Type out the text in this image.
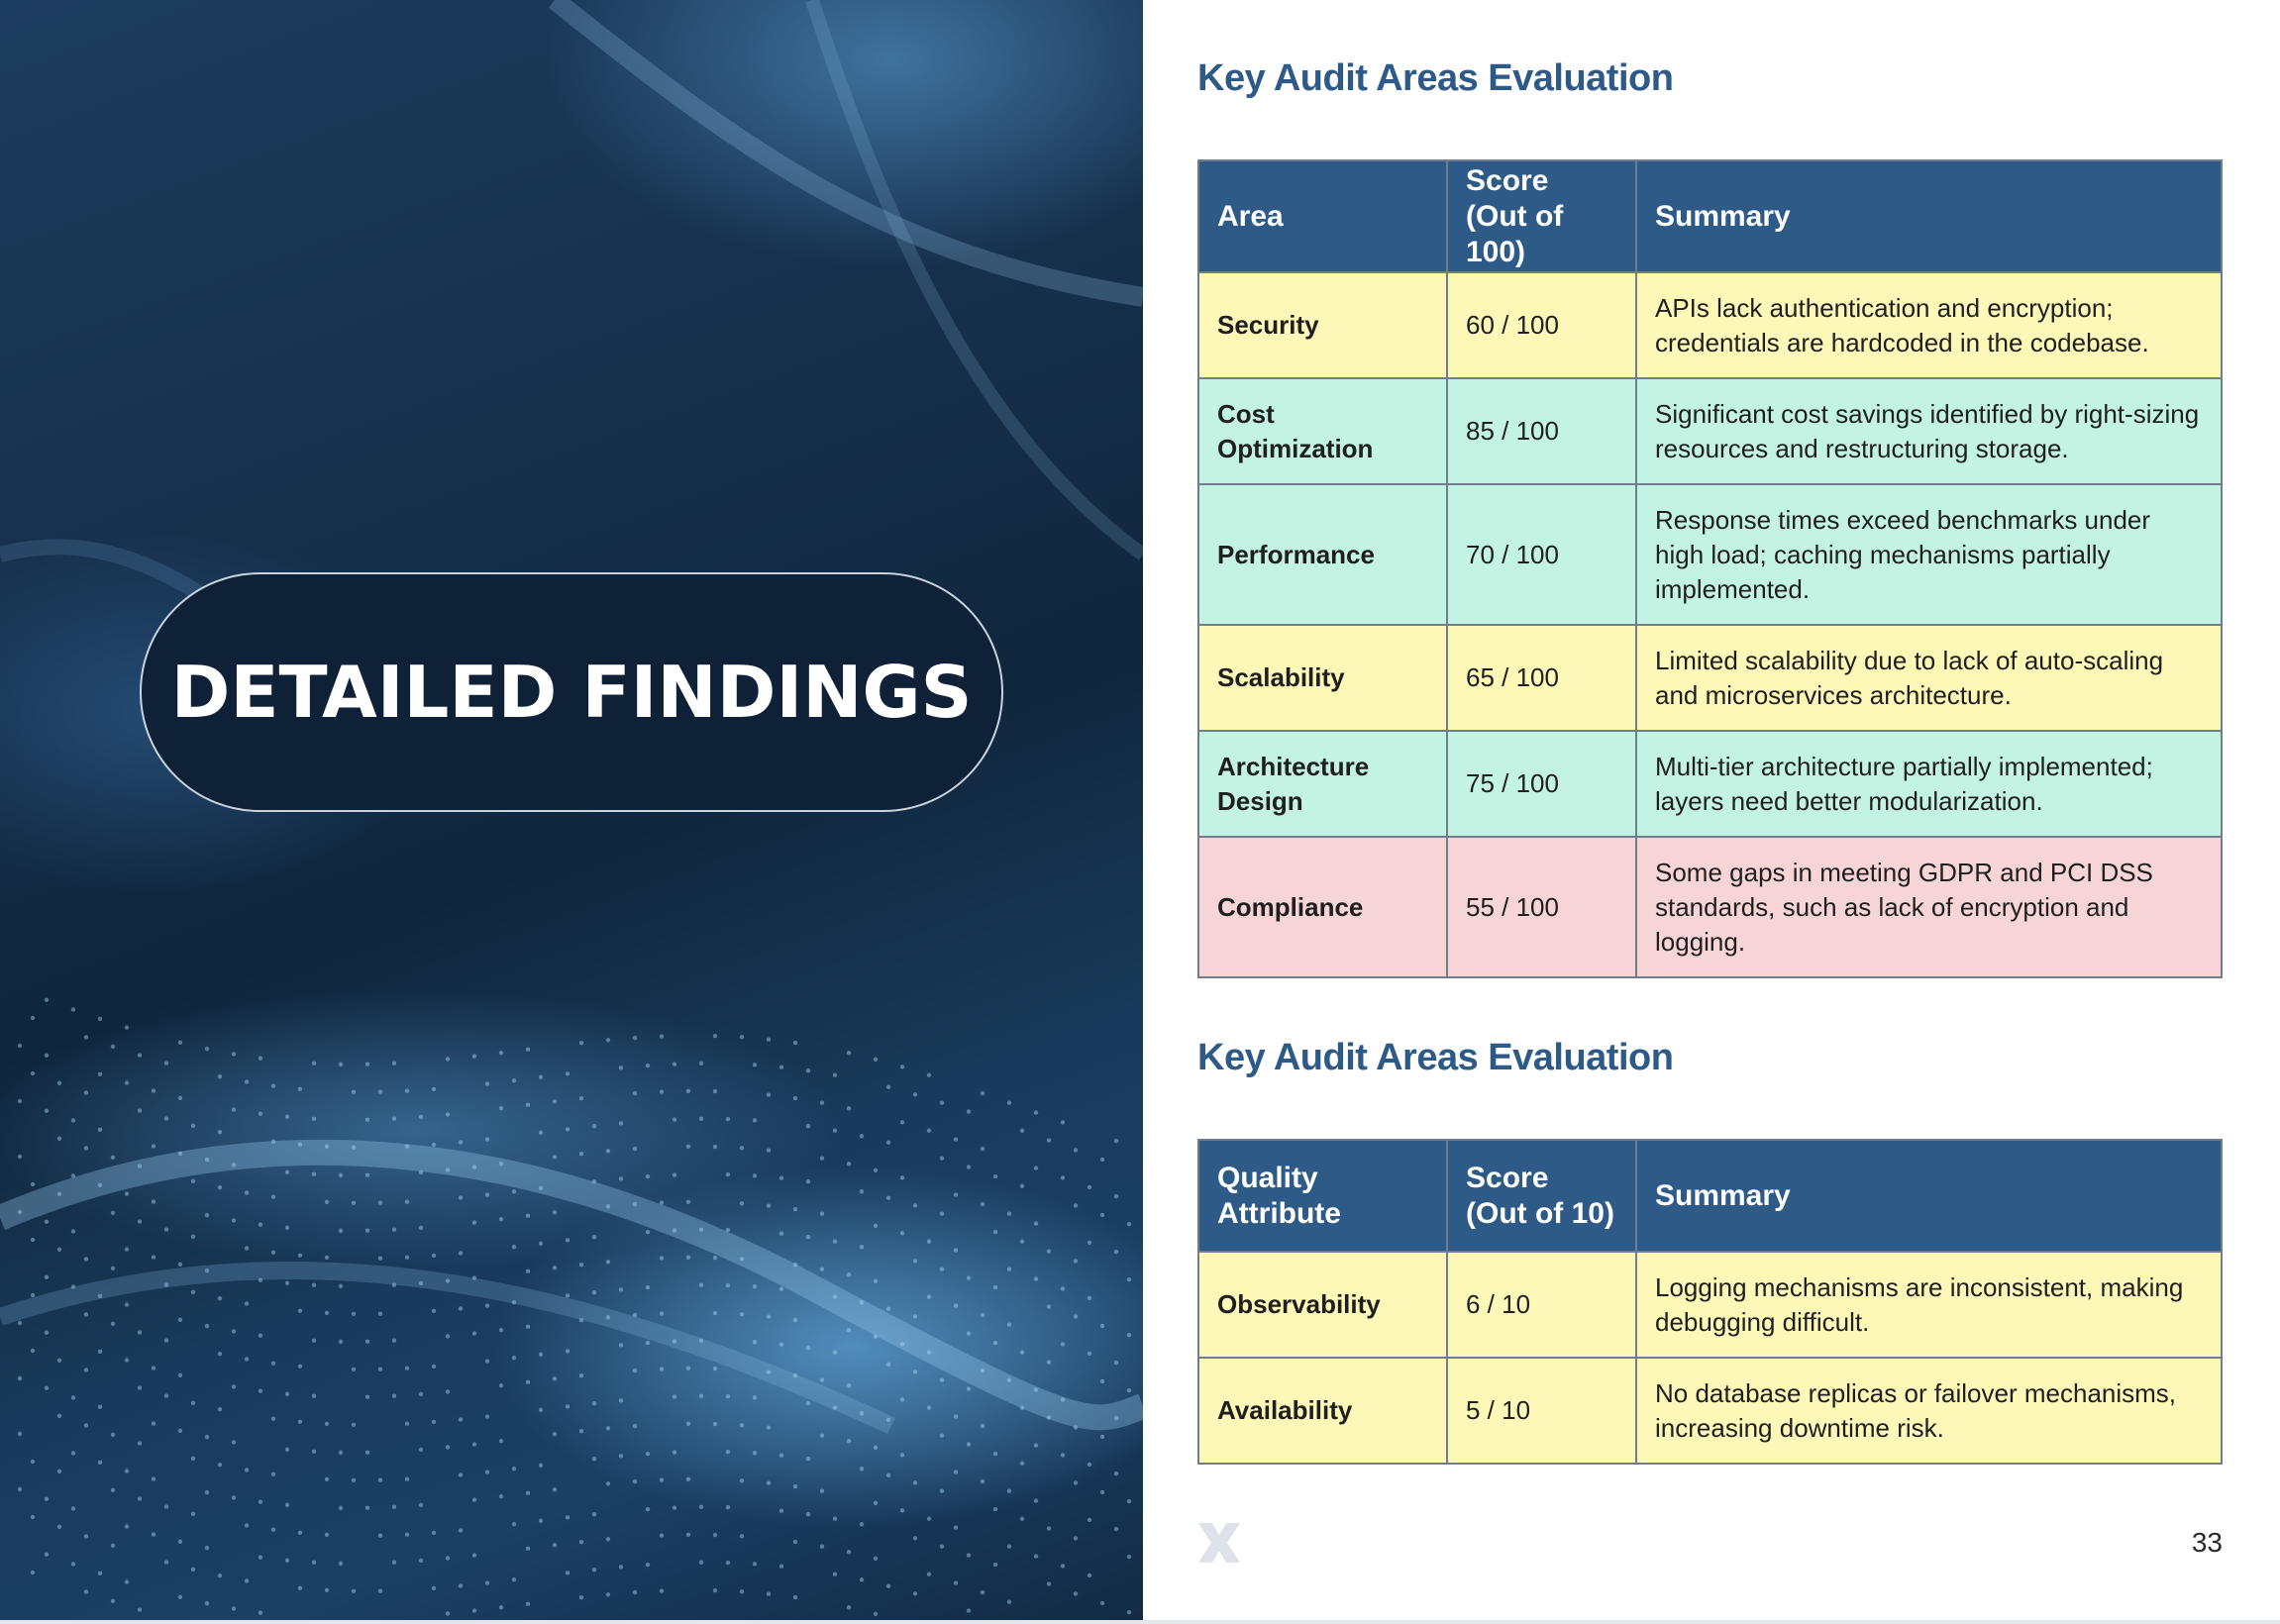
DETAILED FINDINGS
Key Audit Areas Evaluation
Area	Score (Out of 100)	Summary
Security	60 / 100	APIs lack authentication and encryption; credentials are hardcoded in the codebase.
Cost Optimization	85 / 100	Significant cost savings identified by right-sizing resources and restructuring storage.
Performance	70 / 100	Response times exceed benchmarks under high load; caching mechanisms partially implemented.
Scalability	65 / 100	Limited scalability due to lack of auto-scaling and microservices architecture.
Architecture Design	75 / 100	Multi-tier architecture partially implemented; layers need better modularization.
Compliance	55 / 100	Some gaps in meeting GDPR and PCI DSS standards, such as lack of encryption and logging.
Key Audit Areas Evaluation
Quality Attribute	Score (Out of 10)	Summary
Observability	6 / 10	Logging mechanisms are inconsistent, making debugging difficult.
Availability	5 / 10	No database replicas or failover mechanisms, increasing downtime risk.
33
